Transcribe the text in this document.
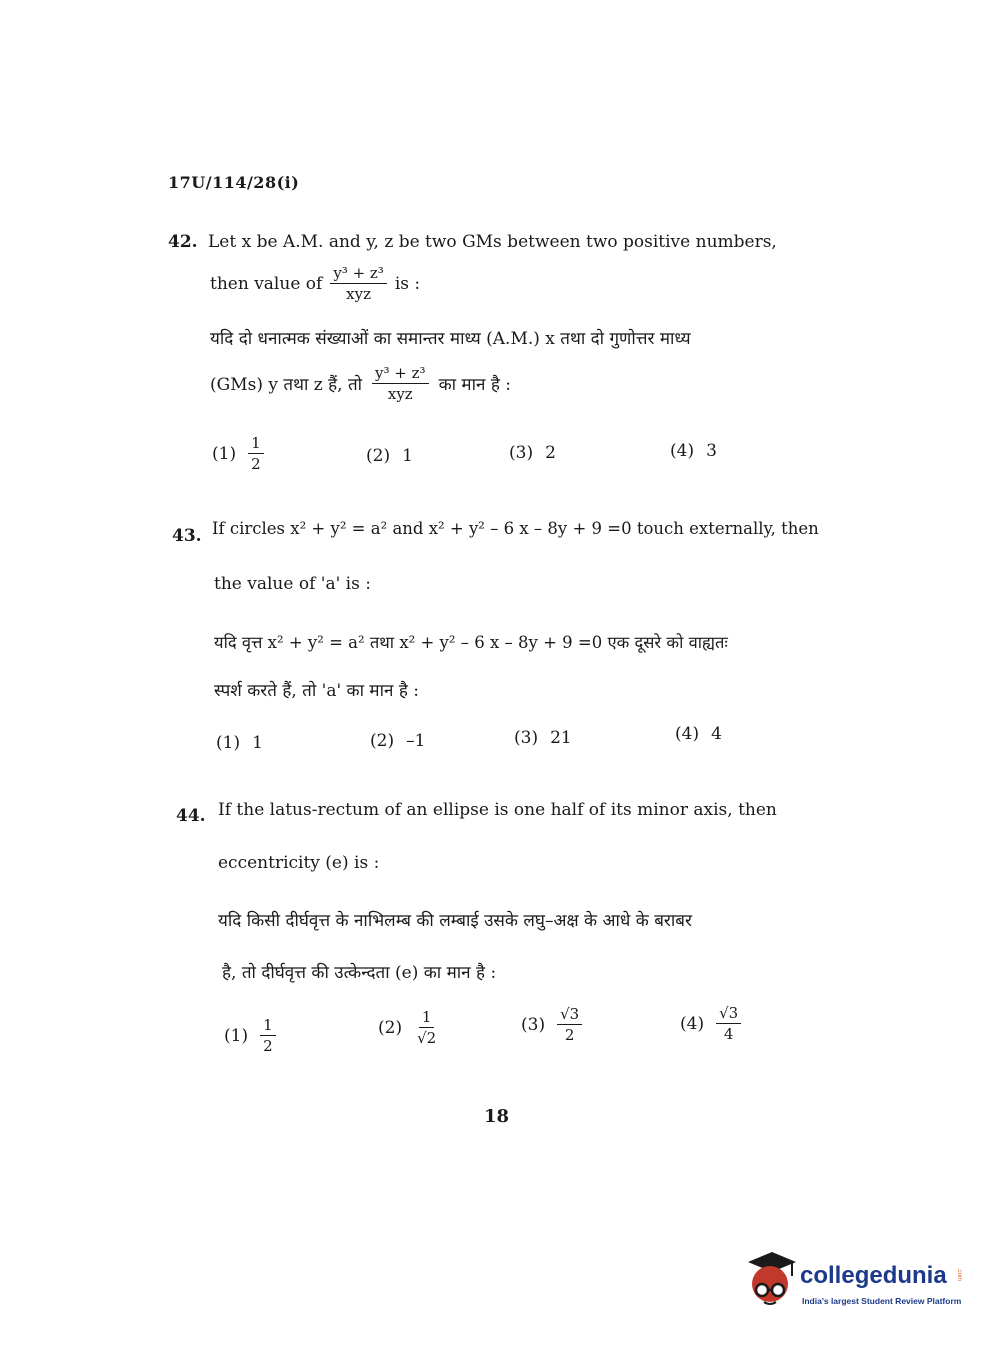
17U/114/28(i)
42. Let x be A.M. and y, z be two GMs between two positive numbers,
then value of $\frac{\text{y³ + z³}}{\text{xyz}}$ is :
यदि दो धनात्मक संख्याओं का समान्तर माध्य (A.M.) x तथा दो गुणोत्तर माध्य
(GMs) y तथा z हैं, तो $\frac{\text{y³ + z³}}{\text{xyz}}$ का मान है :
$(1) \frac{1}{2}$	(2) 1	(3) 2	(4) 3
43. If circles x² + y² = a² and x² + y² – 6 x – 8y + 9 =0 touch externally, then
the value of 'a' is :
यदि वृत्त x² + y² = a² तथा x² + y² – 6 x – 8y + 9 =0 एक दूसरे को वाह्यतः
स्पर्श करते हैं, तो 'a' का मान है :
(1) 1	(2) –1	(3) 21	(4) 4
44. If the latus-rectum of an ellipse is one half of its minor axis, then
eccentricity (e) is :
यदि किसी दीर्घवृत्त के नाभिलम्ब की लम्बाई उसके लघु–अक्ष के आधे के बराबर
है, तो दीर्घवृत्त की उत्केन्दता (e) का मान है :
$(1) \frac{1}{2}$	$(2) \frac{1}{√2}$	$(3) \frac{√3}{2}$	$(4) \frac{√3}{4}$
18
collegedunia .com
India's largest Student Review Platform
